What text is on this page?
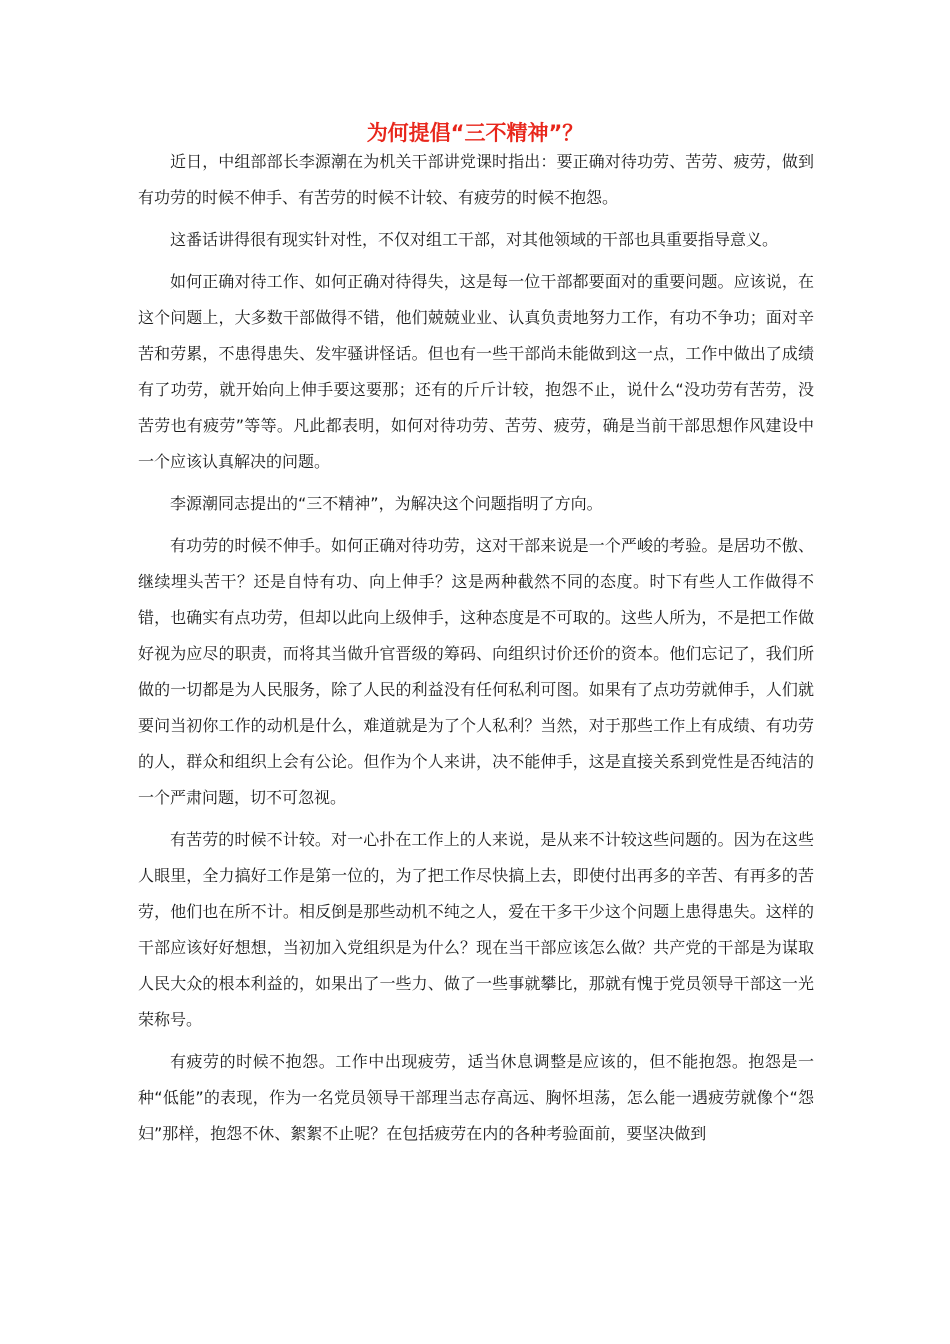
为何提倡“三不精神”？

近日，中组部部长李源潮在为机关干部讲党课时指出：要正确对待功劳、苦劳、疲劳，做到有功劳的时候不伸手、有苦劳的时候不计较、有疲劳的时候不抱怨。

这番话讲得很有现实针对性，不仅对组工干部，对其他领域的干部也具重要指导意义。

如何正确对待工作、如何正确对待得失，这是每一位干部都要面对的重要问题。应该说，在这个问题上，大多数干部做得不错，他们兢兢业业、认真负责地努力工作，有功不争功；面对辛苦和劳累，不患得患失、发牢骚讲怪话。但也有一些干部尚未能做到这一点，工作中做出了成绩有了功劳，就开始向上伸手要这要那；还有的斤斤计较，抱怨不止，说什么“没功劳有苦劳，没苦劳也有疲劳”等等。凡此都表明，如何对待功劳、苦劳、疲劳，确是当前干部思想作风建设中一个应该认真解决的问题。

李源潮同志提出的“三不精神”，为解决这个问题指明了方向。

有功劳的时候不伸手。如何正确对待功劳，这对干部来说是一个严峻的考验。是居功不傲、继续埋头苦干？还是自恃有功、向上伸手？这是两种截然不同的态度。时下有些人工作做得不错，也确实有点功劳，但却以此向上级伸手，这种态度是不可取的。这些人所为，不是把工作做好视为应尽的职责，而将其当做升官晋级的筹码、向组织讨价还价的资本。他们忘记了，我们所做的一切都是为人民服务，除了人民的利益没有任何私利可图。如果有了点功劳就伸手，人们就要问当初你工作的动机是什么，难道就是为了个人私利？当然，对于那些工作上有成绩、有功劳的人，群众和组织上会有公论。但作为个人来讲，决不能伸手，这是直接关系到党性是否纯洁的一个严肃问题，切不可忽视。

有苦劳的时候不计较。对一心扑在工作上的人来说，是从来不计较这些问题的。因为在这些人眼里，全力搞好工作是第一位的，为了把工作尽快搞上去，即使付出再多的辛苦、有再多的苦劳，他们也在所不计。相反倒是那些动机不纯之人，爱在干多干少这个问题上患得患失。这样的干部应该好好想想，当初加入党组织是为什么？现在当干部应该怎么做？共产党的干部是为谋取人民大众的根本利益的，如果出了一些力、做了一些事就攀比，那就有愧于党员领导干部这一光荣称号。

有疲劳的时候不抱怨。工作中出现疲劳，适当休息调整是应该的，但不能抱怨。抱怨是一种“低能”的表现，作为一名党员领导干部理当志存高远、胸怀坦荡，怎么能一遇疲劳就像个“怨妇”那样，抱怨不休、絮絮不止呢？在包括疲劳在内的各种考验面前，要坚决做到
